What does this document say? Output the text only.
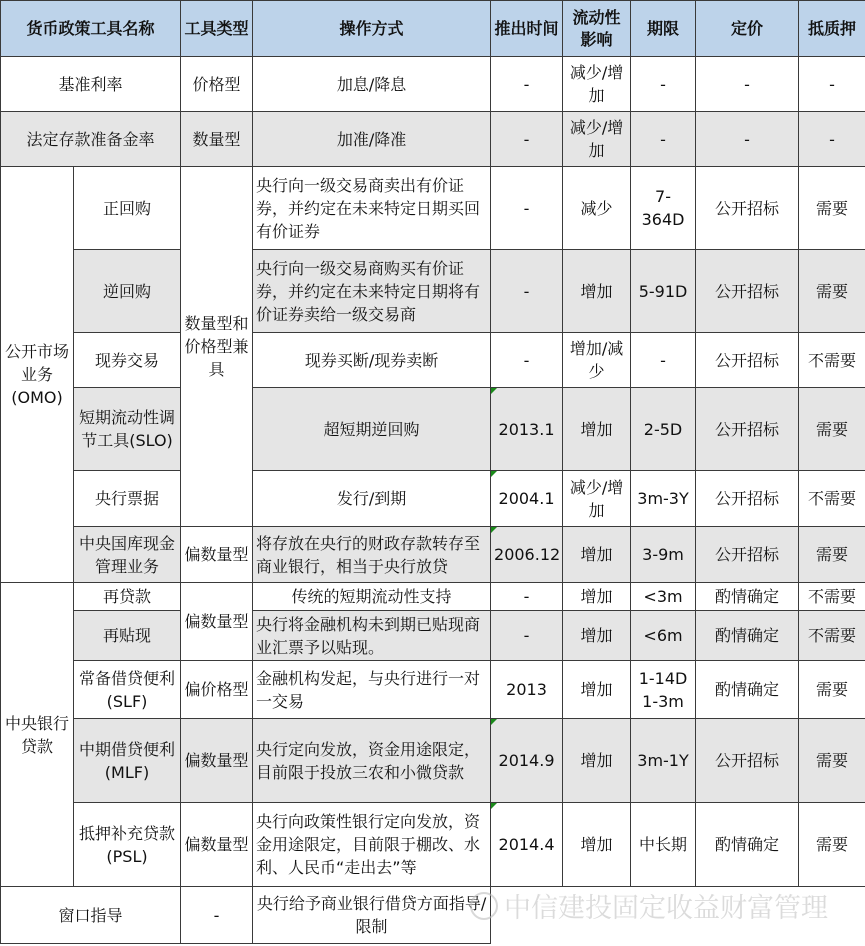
货币政策工具名称		工具类型	操作方式	推出时间	流动性影响	期限	定价	抵质押
基准利率		价格型	加息/降息	-	减少/增加	-	-	-
法定存款准备金率		数量型	加准/降准	-	减少/增加	-	-	-
公开市场业务(OMO)	正回购	数量型和价格型兼具	央行向一级交易商卖出有价证券，并约定在未来特定日期买回有价证券	-	减少	7-364D	公开招标	需要
	逆回购		央行向一级交易商购买有价证券，并约定在未来特定日期将有价证券卖给一级交易商	-	增加	5-91D	公开招标	需要
	现券交易		现券买断/现券卖断	-	增加/减少	-	公开招标	不需要
	短期流动性调节工具(SLO)		超短期逆回购	2013.1	增加	2-5D	公开招标	需要
	央行票据		发行/到期	2004.1	减少/增加	3m-3Y	公开招标	不需要
	中央国库现金管理业务	偏数量型	将存放在央行的财政存款转存至商业银行，相当于央行放贷	2006.12	增加	3-9m	公开招标	需要
中央银行贷款	再贷款	偏数量型	传统的短期流动性支持	-	增加	<3m	酌情确定	不需要
	再贴现		央行将金融机构未到期已贴现商业汇票予以贴现。	-	增加	<6m	酌情确定	不需要
	常备借贷便利(SLF)	偏价格型	金融机构发起，与央行进行一对一交易	2013	增加	1-14D 1-3m	酌情确定	需要
	中期借贷便利(MLF)	偏数量型	央行定向发放，资金用途限定，目前限于投放三农和小微贷款	2014.9	增加	3m-1Y	公开招标	需要
	抵押补充贷款(PSL)	偏数量型	央行向政策性银行定向发放，资金用途限定，目前限于棚改、水利、人民币“走出去”等	2014.4	增加	中长期	酌情确定	需要
窗口指导		-	央行给予商业银行借贷方面指导/限制					
中信建投固定收益财富管理
